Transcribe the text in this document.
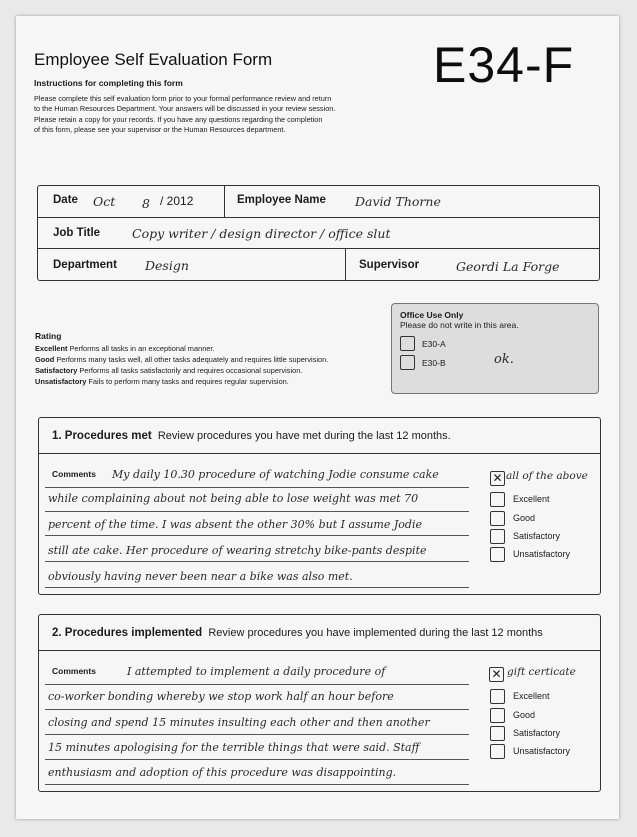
Employee Self Evaluation Form	E34-F
Instructions for completing this form
Please complete this self evaluation form prior to your formal performance review and return
to the Human Resources Department. Your answers will be discussed in your review session.
Please retain a copy for your records. If you have any questions regarding the completion
of this form, please see your supervisor or the Human Resources department.
Date Oct 8 / 2012	Employee Name David Thorne
Job Title	Copy writer / design director / office slut
Department Design	Supervisor	Geordi La Forge
Office Use Only
Please do not write in this area.
E30-A
E30-B	ok.
Rating
Excellent Performs all tasks in an exceptional manner.
Good Performs many tasks well, all other tasks adequately and requires little supervision.
Satisfactory Performs all tasks satisfactorily and requires occasional supervision.
Unsatisfactory Fails to perform many tasks and requires regular supervision.
1. Procedures met Review procedures you have met during the last 12 months.
Comments My daily 10.30 procedure of watching Jodie consume cake
while complaining about not being able to lose weight was met 70
percent of the time. I was absent the other 30% but I assume Jodie
still ate cake. Her procedure of wearing stretchy bike-pants despite
obviously having never been near a bike was also met.
✕ all of the above
Excellent
Good
Satisfactory
Unsatisfactory
2. Procedures implemented Review procedures you have implemented during the last 12 months
Comments	I attempted to implement a daily procedure of
co-worker bonding whereby we stop work half an hour before
closing and spend 15 minutes insulting each other and then another
15 minutes apologising for the terrible things that were said. Staff
enthusiasm and adoption of this procedure was disappointing.
✕ gift certicate
Excellent
Good
Satisfactory
Unsatisfactory
